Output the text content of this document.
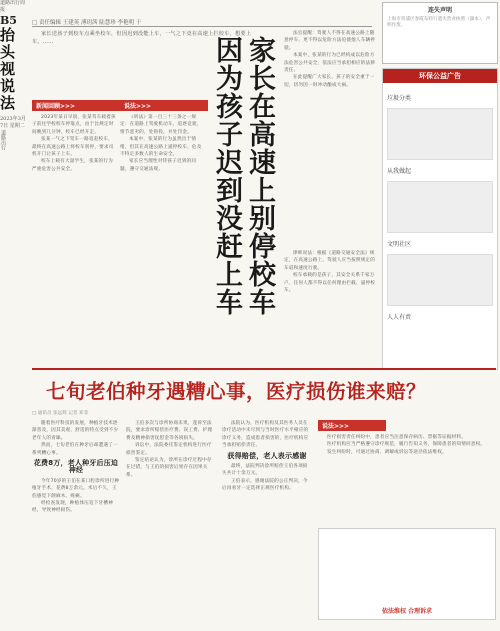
道路出行周报
B5
抬头
视
说法
2023年3月7日 星期二
道路出行
□ 责任编辑 王建英 溥玥茜 陆慧珍 李艳明 于
家长送孩子到校车点乘坐校车，但因迟到没能上车，一气之下竟在高速上拦校车，想要上车。……
新闻回顾>>>	说法>>>

2023年某日早晨，张某驾车载着孩子前往学校校车停靠点，由于比规定时间晚到几分钟，校车已经开走。

张某一气之下驾车一路追赶校车，最终在高速公路上将校车别停，要求司机开门让孩子上车。

校车上载有大量学生，张某的行为严重危害公共安全。

《刑法》第一百三十三条之一规定：在道路上驾驶机动车，追逐竞驶，情节恶劣的，处拘役，并处罚金。

本案中，张某的行为虽然出于情绪，但其在高速公路上逼停校车，危及不特定多数人的生命安全。

家长应当理性对待孩子迟到的问题，遵守交通法规。	家长在高速上别停校车因为孩子迟到没赶上车

法官提醒：驾驶人不得在高速公路上随意停车，更不得以危险方法迫使他人车辆停驶。

本案中，张某的行为已经构成以危险方法危害公共安全，依法应当承担相应的法律责任。

在此提醒广大家长，孩子的安全重于一切，切勿因一时冲动酿成大祸。

律师说法：根据《道路交通安全法》规定，在高速公路上，驾驶人应当按照规定的车道和速度行驶。

校车承载的是孩子，其安全关系千家万户，任何人都不得以任何理由拦截、逼停校车。

连失声明
上海市青浦区春霞布料行遗失营业执照（副本），声明作废。
环保公益广告
垃圾分类
从我做起
文明社区
人人有责
七旬老伯种牙遇糟心事，医疗损伤谁来赔？
□ 通讯员 张远辉 记者 邓菲

随着医疗科技的发展，种植牙技术逐渐普及，因其美观、舒适的特点受到不少老年人的青睐。

然而，七旬老伯在种牙后却遭遇了一系列糟心事。

花费8万，老人种牙后压迫神经

今年70岁的王伯在某口腔诊所进行种植牙手术，花费8万余元。术后不久，王伯感觉下颌麻木、疼痛。

经检查发现，种植体压迫下牙槽神经，导致神经损伤。

王伯多次与诊所协商未果，遂诉至法院，要求诊所赔偿医疗费、误工费、护理费及精神损害抚慰金等各项损失。

诉讼中，法院委托鉴定机构进行医疗损害鉴定。

鉴定结论认为，诊所在诊疗过程中存在过错，与王伯的损害后果存在因果关系。

法院认为，医疗机构及其医务人员在诊疗活动中未尽到与当时医疗水平相应的诊疗义务，造成患者损害的，医疗机构应当承担赔偿责任。

获得赔偿，老人表示感谢

最终，法院判决诊所赔偿王伯各项损失共计十余万元。

王伯表示，感谢法院的公正判决，今后再看牙一定选择正规医疗机构。

说法>>>

医疗损害责任纠纷中，患者应当注意保存病历、票据等证据材料。

医疗机构应当严格遵守诊疗规范，履行告知义务，保障患者的知情同意权。

发生纠纷时，可通过协商、调解或诉讼等途径依法维权。

依法维权 合理诉求
